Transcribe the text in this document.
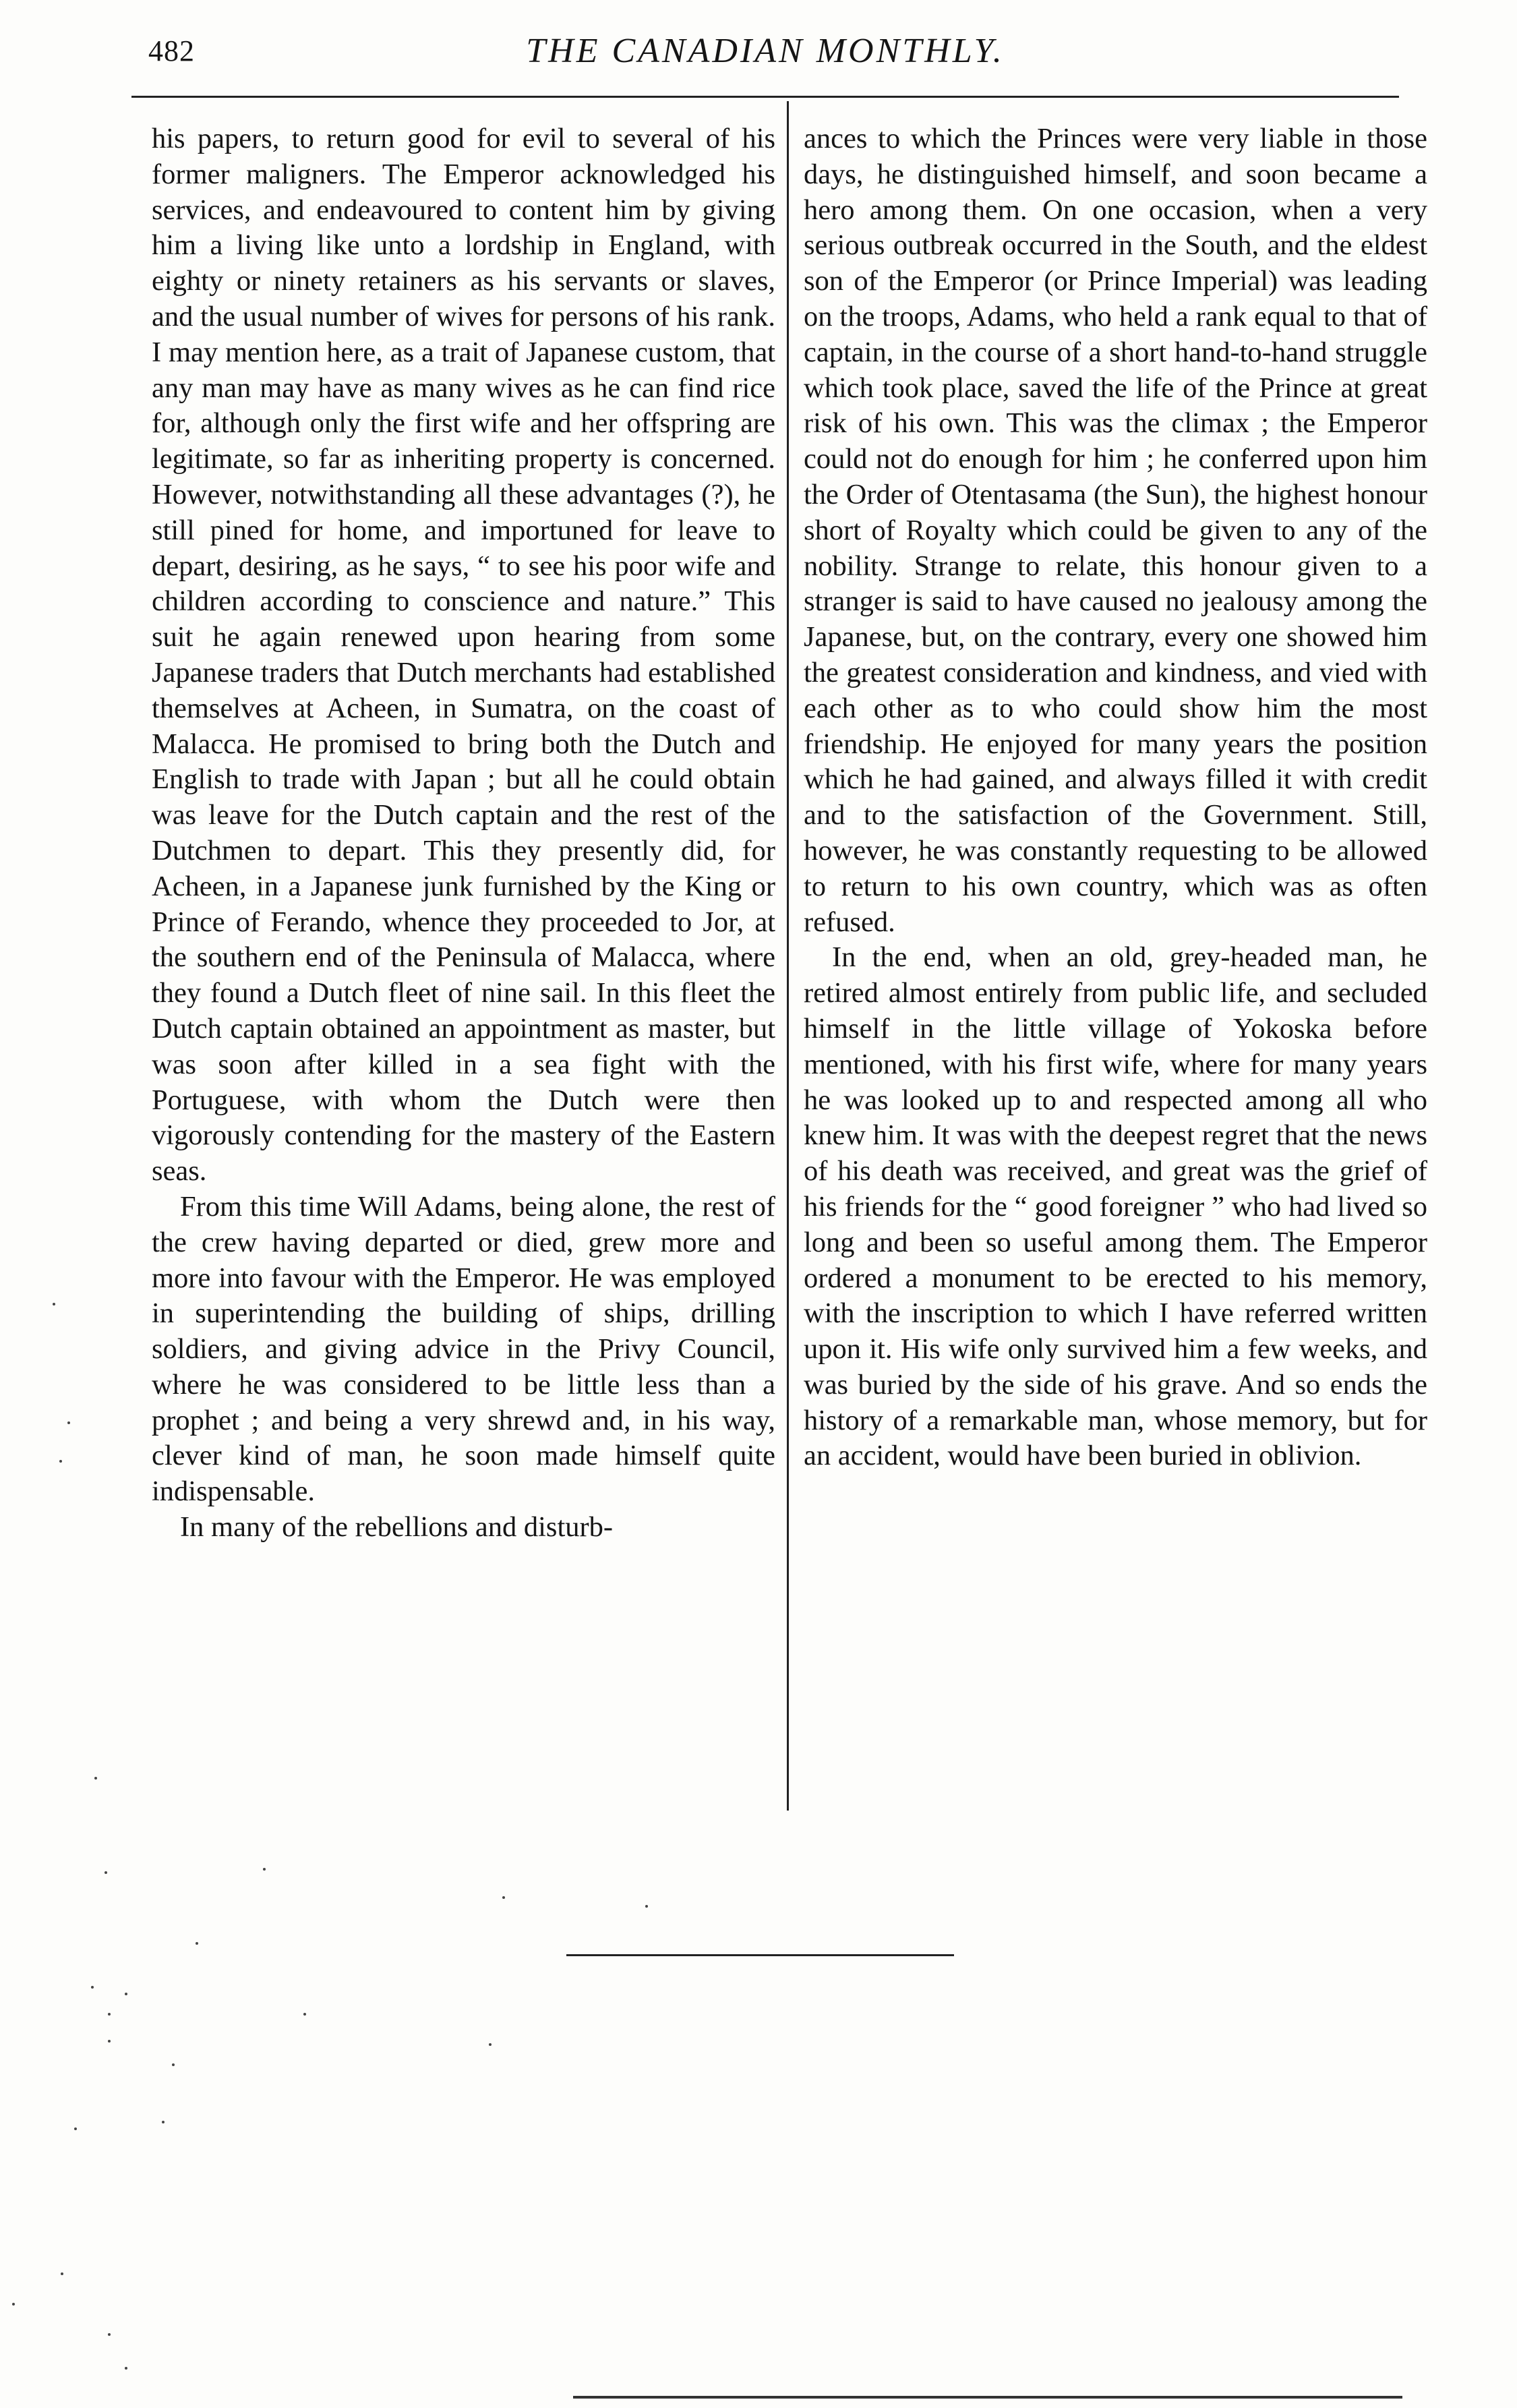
482	THE CANADIAN MONTHLY.

his papers, to return good for evil to several of his former maligners. The Emperor acknowledged his services, and endeavoured to content him by giving him a living like unto a lordship in England, with eighty or ninety retainers as his servants or slaves, and the usual number of wives for persons of his rank. I may mention here, as a trait of Japanese custom, that any man may have as many wives as he can find rice for, although only the first wife and her offspring are legitimate, so far as inheriting property is concerned. However, notwithstanding all these advantages (?), he still pined for home, and importuned for leave to depart, desiring, as he says, “ to see his poor wife and children according to conscience and nature.” This suit he again renewed upon hearing from some Japanese traders that Dutch merchants had established themselves at Acheen, in Sumatra, on the coast of Malacca. He promised to bring both the Dutch and English to trade with Japan ; but all he could obtain was leave for the Dutch captain and the rest of the Dutchmen to depart. This they presently did, for Acheen, in a Japanese junk furnished by the King or Prince of Ferando, whence they proceeded to Jor, at the southern end of the Peninsula of Malacca, where they found a Dutch fleet of nine sail. In this fleet the Dutch captain obtained an appointment as master, but was soon after killed in a sea fight with the Portuguese, with whom the Dutch were then vigorously contending for the mastery of the Eastern seas.

From this time Will Adams, being alone, the rest of the crew having departed or died, grew more and more into favour with the Emperor. He was employed in superintending the building of ships, drilling soldiers, and giving advice in the Privy Council, where he was considered to be little less than a prophet ; and being a very shrewd and, in his way, clever kind of man, he soon made himself quite indispensable.

In many of the rebellions and disturb-

ances to which the Princes were very liable in those days, he distinguished himself, and soon became a hero among them. On one occasion, when a very serious outbreak occurred in the South, and the eldest son of the Emperor (or Prince Imperial) was leading on the troops, Adams, who held a rank equal to that of captain, in the course of a short hand-to-hand struggle which took place, saved the life of the Prince at great risk of his own. This was the climax ; the Emperor could not do enough for him ; he conferred upon him the Order of Otentasama (the Sun), the highest honour short of Royalty which could be given to any of the nobility. Strange to relate, this honour given to a stranger is said to have caused no jealousy among the Japanese, but, on the contrary, every one showed him the greatest consideration and kindness, and vied with each other as to who could show him the most friendship. He enjoyed for many years the position which he had gained, and always filled it with credit and to the satisfaction of the Government. Still, however, he was constantly requesting to be allowed to return to his own country, which was as often refused.

In the end, when an old, grey-headed man, he retired almost entirely from public life, and secluded himself in the little village of Yokoska before mentioned, with his first wife, where for many years he was looked up to and respected among all who knew him. It was with the deepest regret that the news of his death was received, and great was the grief of his friends for the “ good foreigner ” who had lived so long and been so useful among them. The Emperor ordered a monument to be erected to his memory, with the inscription to which I have referred written upon it. His wife only survived him a few weeks, and was buried by the side of his grave. And so ends the history of a remarkable man, whose memory, but for an accident, would have been buried in oblivion.
